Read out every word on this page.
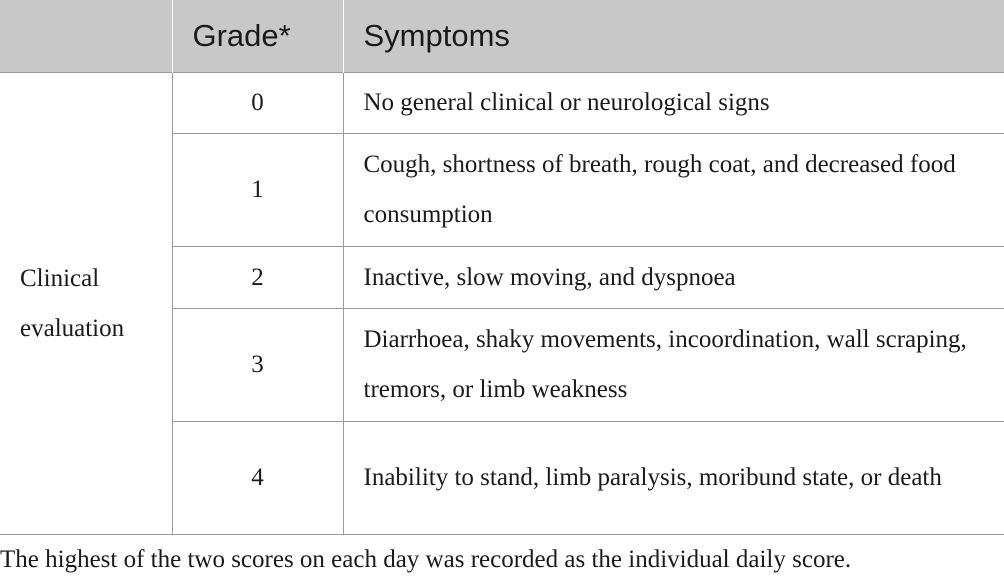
	Grade*	Symptoms
Clinical evaluation	0	No general clinical or neurological signs
	1	Cough, shortness of breath, rough coat, and decreased food consumption
	2	Inactive, slow moving, and dyspnoea
	3	Diarrhoea, shaky movements, incoordination, wall scraping, tremors, or limb weakness
	4	Inability to stand, limb paralysis, moribund state, or death
The highest of the two scores on each day was recorded as the individual daily score.
